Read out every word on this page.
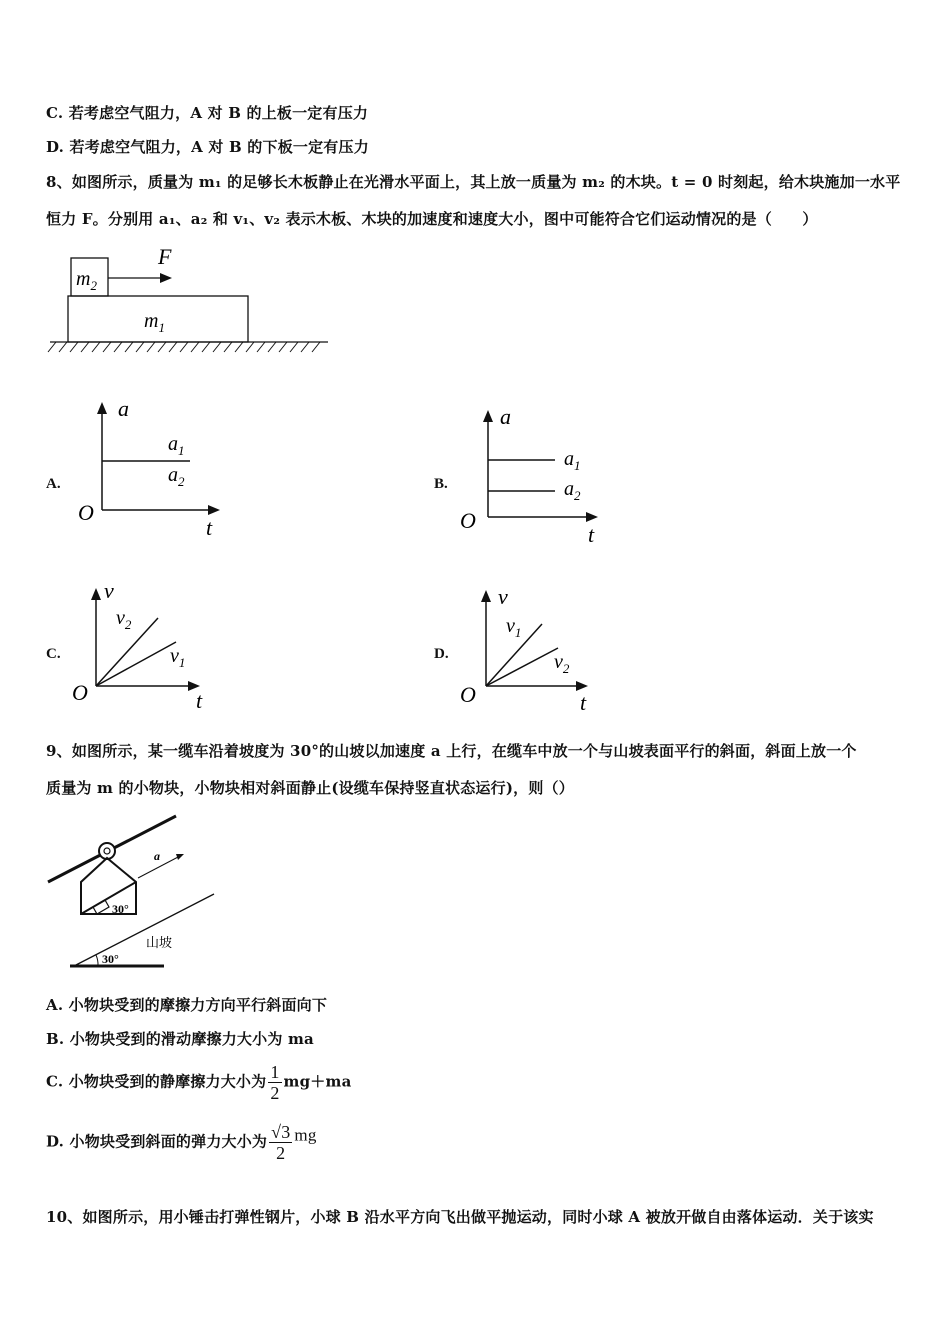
C. 若考虑空气阻力，A 对 B 的上板一定有压力
D. 若考虑空气阻力，A 对 B 的下板一定有压力
8、如图所示，质量为 m₁ 的足够长木板静止在光滑水平面上，其上放一质量为 m₂ 的木块。t = 0 时刻起，给木块施加一水平
恒力 F。分别用 a₁、a₂ 和 v₁、v₂ 表示木板、木块的加速度和速度大小，图中可能符合它们运动情况的是（　　）
$m_2$
$m_1$
F
A.
a
O
t
$a_1$
$a_2$	B.
a
O
t
$a_1$
$a_2$
C.
v
O	t
$v_2$
$v_1$
D.
v
O	t
$v_1$
$v_2$
9、如图所示，某一缆车沿着坡度为 30°的山坡以加速度 a 上行，在缆车中放一个与山坡表面平行的斜面，斜面上放一个
质量为 m 的小物块，小物块相对斜面静止(设缆车保持竖直状态运行)，则（）
30°
a
30°
山坡
A. 小物块受到的摩擦力方向平行斜面向下
B. 小物块受到的滑动摩擦力大小为 ma
C. 小物块受到的静摩擦力大小为 $\frac{1}{2} mg+ma$
D. 小物块受到斜面的弹力大小为 $\frac{√3}{2}$ mg
10、如图所示，用小锤击打弹性钢片，小球 B 沿水平方向飞出做平抛运动，同时小球 A 被放开做自由落体运动．关于该实
